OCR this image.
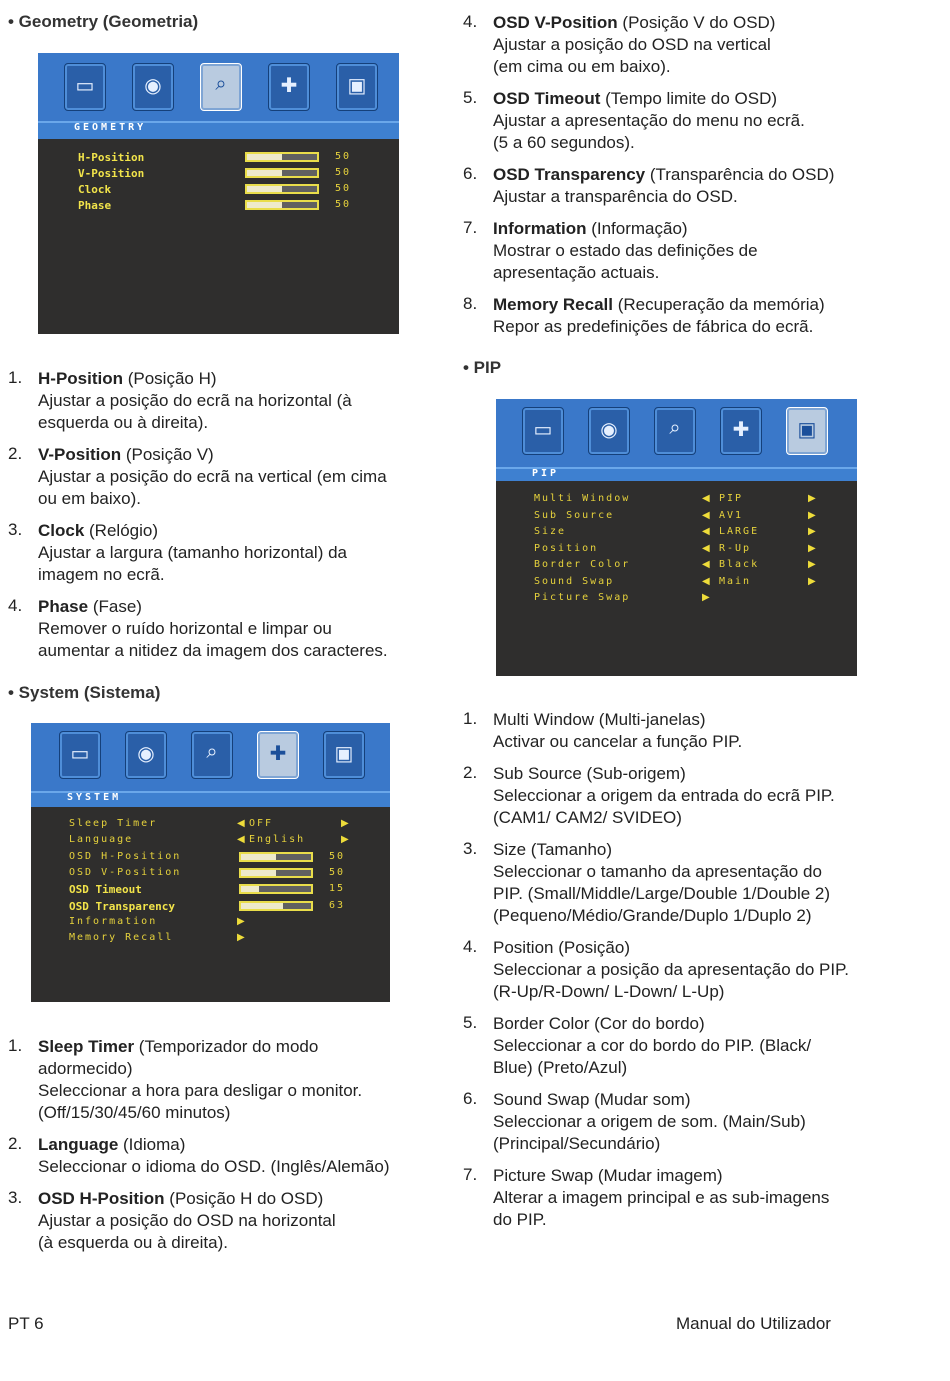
• Geometry (Geometria)
• System (Sistema)
• PIP
▭	◉	⌕	✚	▣
GEOMETRY
H-Position	50
V-Position	50
Clock	50
Phase	50
▭	◉	⌕	✚	▣
SYSTEM
Sleep Timer	◀ OFF	▶
Language	◀ English	▶
OSD H-Position	50
OSD V-Position	50
OSD Timeout	15
OSD Transparency	63
Information	▶
Memory Recall	▶
▭	◉	⌕	✚	▣
PIP
Multi Window	◀ PIP	▶
Sub Source	◀ AV1	▶
Size	◀ LARGE	▶
Position	◀ R-Up	▶
Border Color	◀ Black	▶
Sound Swap	◀ Main	▶
Picture Swap	▶
1. H-Position (Posição H)
Ajustar a posição do ecrã na horizontal (à
esquerda ou à direita).
2. V-Position (Posição V)
Ajustar a posição do ecrã na vertical (em cima
ou em baixo).
3. Clock (Relógio)
Ajustar a largura (tamanho horizontal) da
imagem no ecrã.
4. Phase (Fase)
Remover o ruído horizontal e limpar ou
aumentar a nitidez da imagem dos caracteres.
1. Sleep Timer (Temporizador do modo
adormecido)
Seleccionar a hora para desligar o monitor.
(Off/15/30/45/60 minutos)
2. Language (Idioma)
Seleccionar o idioma do OSD. (Inglês/Alemão)
3. OSD H-Position (Posição H do OSD)
Ajustar a posição do OSD na horizontal
(à esquerda ou à direita).
4. OSD V-Position (Posição V do OSD)
Ajustar a posição do OSD na vertical
(em cima ou em baixo).
5. OSD Timeout (Tempo limite do OSD)
Ajustar a apresentação do menu no ecrã.
(5 a 60 segundos).
6. OSD Transparency (Transparência do OSD)
Ajustar a transparência do OSD.
7. Information (Informação)
Mostrar o estado das definições de
apresentação actuais.
8. Memory Recall (Recuperação da memória)
Repor as predefinições de fábrica do ecrã.
1. Multi Window (Multi-janelas)
Activar ou cancelar a função PIP.
2. Sub Source (Sub-origem)
Seleccionar a origem da entrada do ecrã PIP.
(CAM1/ CAM2/ SVIDEO)
3. Size (Tamanho)
Seleccionar o tamanho da apresentação do
PIP. (Small/Middle/Large/Double 1/Double 2)
(Pequeno/Médio/Grande/Duplo 1/Duplo 2)
4. Position (Posição)
Seleccionar a posição da apresentação do PIP.
(R-Up/R-Down/ L-Down/ L-Up)
5. Border Color (Cor do bordo)
Seleccionar a cor do bordo do PIP. (Black/
Blue) (Preto/Azul)
6. Sound Swap (Mudar som)
Seleccionar a origem de som. (Main/Sub)
(Principal/Secundário)
7. Picture Swap (Mudar imagem)
Alterar a imagem principal e as sub-imagens
do PIP.
PT 6	Manual do Utilizador
